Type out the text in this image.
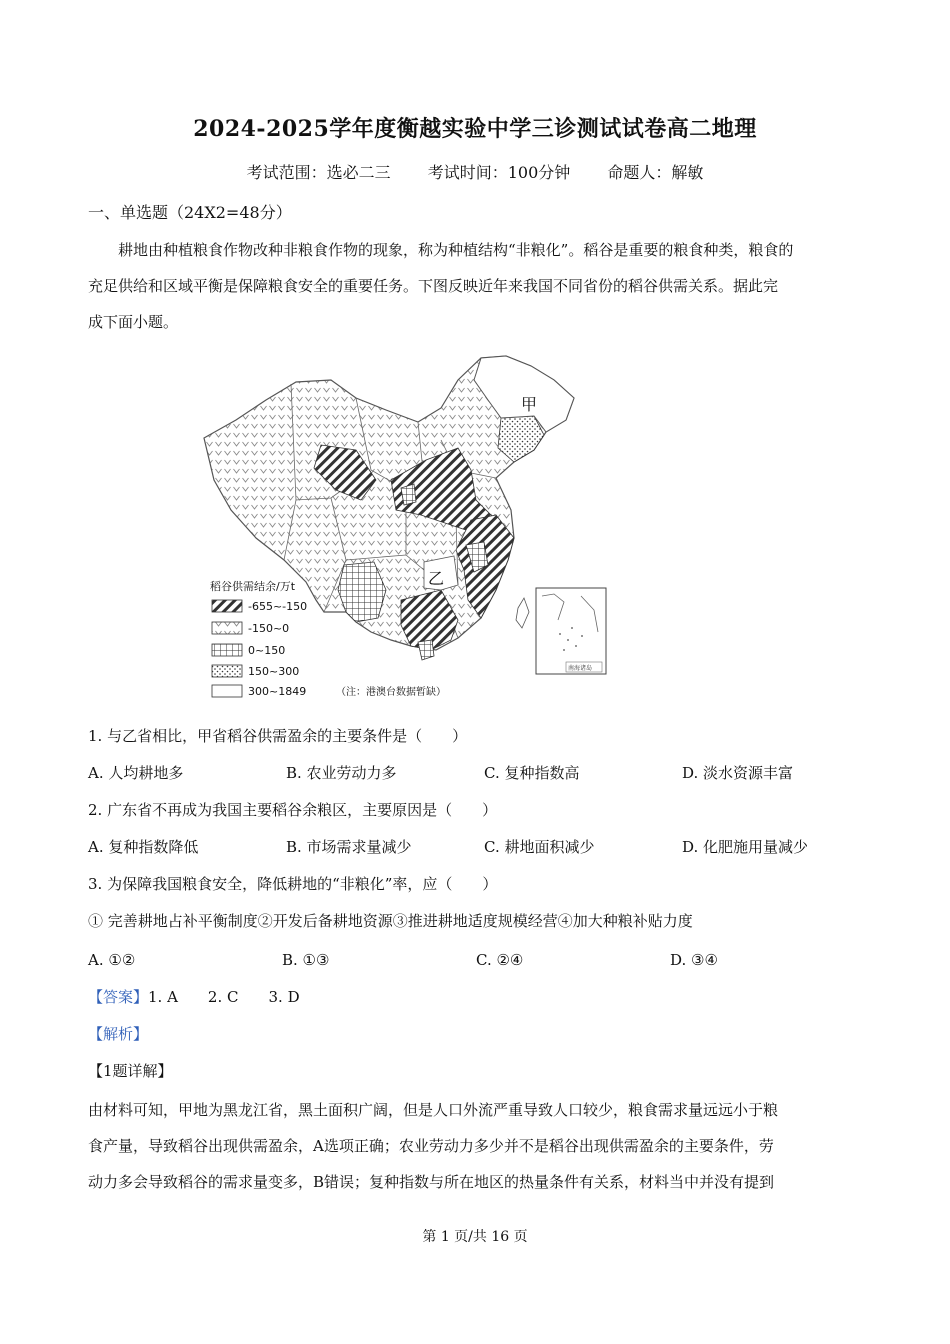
2024-2025学年度衡越实验中学三诊测试试卷高二地理
考试范围：选必二三 考试时间：100分钟 命题人：解敏
一、单选题（24X2=48分）
耕地由种植粮食作物改种非粮食作物的现象，称为种植结构“非粮化”。稻谷是重要的粮食种类，粮食的
充足供给和区域平衡是保障粮食安全的重要任务。下图反映近年来我国不同省份的稻谷供需关系。据此完
成下面小题。
甲
乙
南海诸岛
稻谷供需结余/万t
-655~-150
-150~0
0~150
150~300
300~1849	（注：港澳台数据暂缺）
1. 与乙省相比，甲省稻谷供需盈余的主要条件是（　　）
A. 人均耕地多	B. 农业劳动力多	C. 复种指数高	D. 淡水资源丰富
2. 广东省不再成为我国主要稻谷余粮区，主要原因是（　　）
A. 复种指数降低	B. 市场需求量减少	C. 耕地面积减少	D. 化肥施用量减少
3. 为保障我国粮食安全，降低耕地的“非粮化”率，应（　　）
① 完善耕地占补平衡制度②开发后备耕地资源③推进耕地适度规模经营④加大种粮补贴力度
A. ①②	B. ①③	C. ②④	D. ③④
【答案】1. A　　2. C　　3. D
【解析】
【1题详解】
由材料可知，甲地为黑龙江省，黑土面积广阔，但是人口外流严重导致人口较少，粮食需求量远远小于粮
食产量，导致稻谷出现供需盈余，A选项正确；农业劳动力多少并不是稻谷出现供需盈余的主要条件，劳
动力多会导致稻谷的需求量变多，B错误；复种指数与所在地区的热量条件有关系，材料当中并没有提到
第 1 页/共 16 页
